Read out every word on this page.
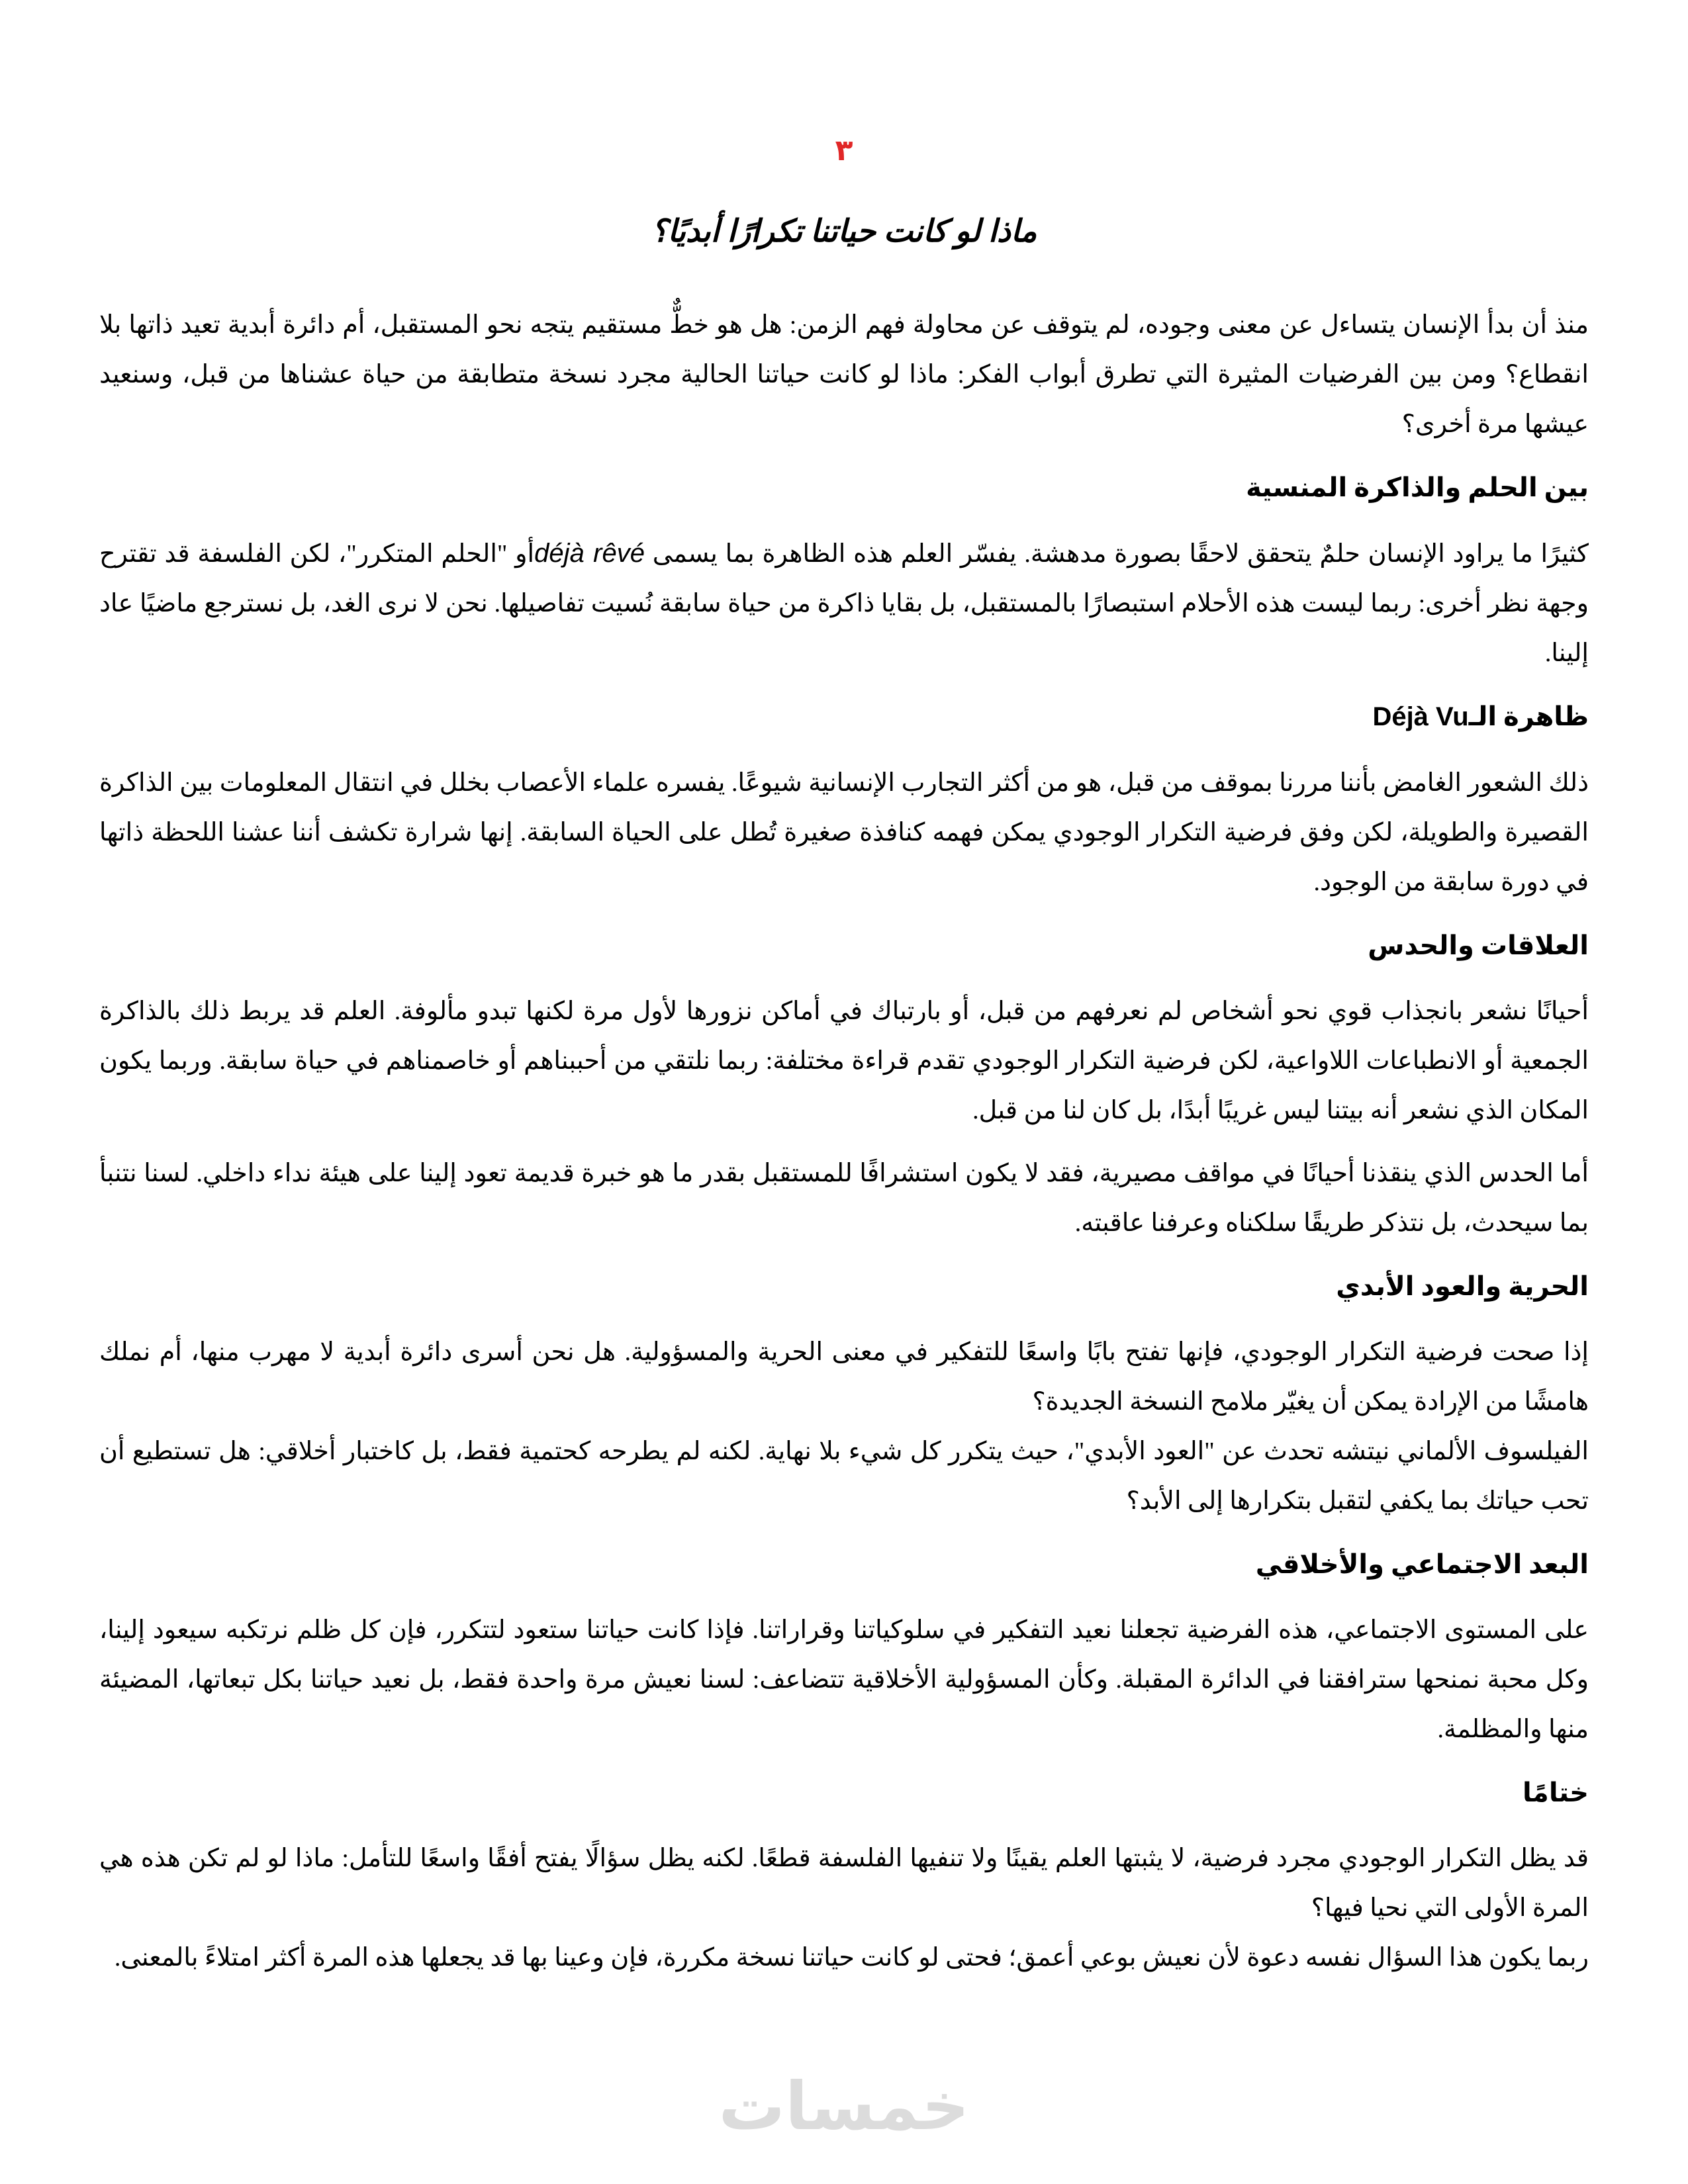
٣
ماذا لو كانت حياتنا تكرارًا أبديًا؟

منذ أن بدأ الإنسان يتساءل عن معنى وجوده، لم يتوقف عن محاولة فهم الزمن: هل هو خطٌّ مستقيم يتجه نحو المستقبل، أم دائرة أبدية تعيد ذاتها بلا انقطاع؟ ومن بين الفرضيات المثيرة التي تطرق أبواب الفكر: ماذا لو كانت حياتنا الحالية مجرد نسخة متطابقة من حياة عشناها من قبل، وسنعيد عيشها مرة أخرى؟

بين الحلم والذاكرة المنسية

كثيرًا ما يراود الإنسان حلمٌ يتحقق لاحقًا بصورة مدهشة. يفسّر العلم هذه الظاهرة بما يسمى déjà rêvéأو "الحلم المتكرر"، لكن الفلسفة قد تقترح وجهة نظر أخرى: ربما ليست هذه الأحلام استبصارًا بالمستقبل، بل بقايا ذاكرة من حياة سابقة نُسيت تفاصيلها. نحن لا نرى الغد، بل نسترجع ماضيًا عاد إلينا.

ظاهرة الـDéjà Vu

ذلك الشعور الغامض بأننا مررنا بموقف من قبل، هو من أكثر التجارب الإنسانية شيوعًا. يفسره علماء الأعصاب بخلل في انتقال المعلومات بين الذاكرة القصيرة والطويلة، لكن وفق فرضية التكرار الوجودي يمكن فهمه كنافذة صغيرة تُطل على الحياة السابقة. إنها شرارة تكشف أننا عشنا اللحظة ذاتها في دورة سابقة من الوجود.

العلاقات والحدس

أحيانًا نشعر بانجذاب قوي نحو أشخاص لم نعرفهم من قبل، أو بارتباك في أماكن نزورها لأول مرة لكنها تبدو مألوفة. العلم قد يربط ذلك بالذاكرة الجمعية أو الانطباعات اللاواعية، لكن فرضية التكرار الوجودي تقدم قراءة مختلفة: ربما نلتقي من أحببناهم أو خاصمناهم في حياة سابقة. وربما يكون المكان الذي نشعر أنه بيتنا ليس غريبًا أبدًا، بل كان لنا من قبل.

أما الحدس الذي ينقذنا أحيانًا في مواقف مصيرية، فقد لا يكون استشرافًا للمستقبل بقدر ما هو خبرة قديمة تعود إلينا على هيئة نداء داخلي. لسنا نتنبأ بما سيحدث، بل نتذكر طريقًا سلكناه وعرفنا عاقبته.

الحرية والعود الأبدي

إذا صحت فرضية التكرار الوجودي، فإنها تفتح بابًا واسعًا للتفكير في معنى الحرية والمسؤولية. هل نحن أسرى دائرة أبدية لا مهرب منها، أم نملك هامشًا من الإرادة يمكن أن يغيّر ملامح النسخة الجديدة؟
الفيلسوف الألماني نيتشه تحدث عن "العود الأبدي"، حيث يتكرر كل شيء بلا نهاية. لكنه لم يطرحه كحتمية فقط، بل كاختبار أخلاقي: هل تستطيع أن تحب حياتك بما يكفي لتقبل بتكرارها إلى الأبد؟

البعد الاجتماعي والأخلاقي

على المستوى الاجتماعي، هذه الفرضية تجعلنا نعيد التفكير في سلوكياتنا وقراراتنا. فإذا كانت حياتنا ستعود لتتكرر، فإن كل ظلم نرتكبه سيعود إلينا، وكل محبة نمنحها سترافقنا في الدائرة المقبلة. وكأن المسؤولية الأخلاقية تتضاعف: لسنا نعيش مرة واحدة فقط، بل نعيد حياتنا بكل تبعاتها، المضيئة منها والمظلمة.

ختامًا

قد يظل التكرار الوجودي مجرد فرضية، لا يثبتها العلم يقينًا ولا تنفيها الفلسفة قطعًا. لكنه يظل سؤالًا يفتح أفقًا واسعًا للتأمل: ماذا لو لم تكن هذه هي المرة الأولى التي نحيا فيها؟
ربما يكون هذا السؤال نفسه دعوة لأن نعيش بوعي أعمق؛ فحتى لو كانت حياتنا نسخة مكررة، فإن وعينا بها قد يجعلها هذه المرة أكثر امتلاءً بالمعنى.

خمسات
